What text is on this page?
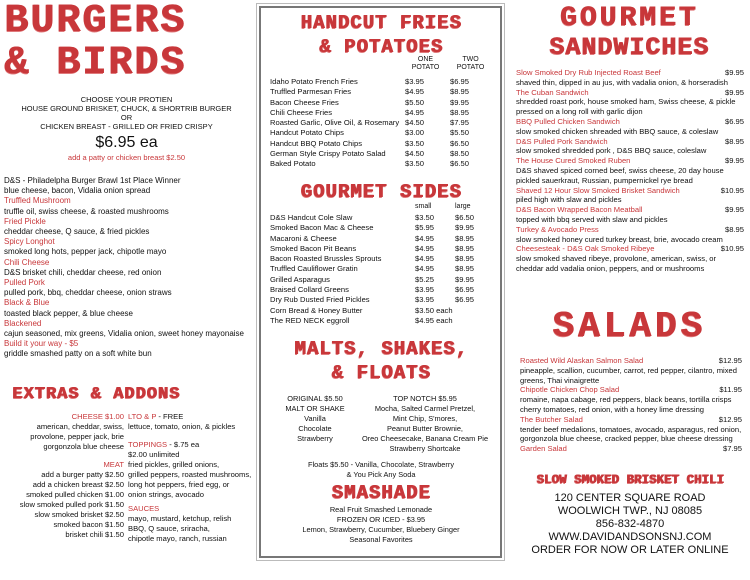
BURGERS
& BIRDS
CHOOSE YOUR PROTIEN
HOUSE GROUND BRISKET, CHUCK, & SHORTRIB BURGER
OR
CHICKEN BREAST - GRILLED OR FRIED CRISPY
$6.95 ea
add a patty or chicken breast $2.50
D&S - Philadelpha Burger Brawl 1st Place Winner
blue cheese, bacon, Vidalia onion spread
Truffled Mushroom
truffle oil, swiss cheese, & roasted mushrooms
Fried Pickle
cheddar cheese, Q sauce, & fried pickles
Spicy Longhot
smoked long hots, pepper jack, chipotle mayo
Chili Cheese
D&S brisket chili, cheddar cheese, red onion
Pulled Pork
pulled pork, bbq, cheddar cheese, onion straws
Black & Blue
toasted black pepper, & blue cheese
Blackened
cajun seasoned, mix greens, Vidalia onion, sweet honey mayonaise
Build it your way - $5
griddle smashed patty on a soft white bun
EXTRAS & ADDONS
CHEESE $1.00
american, cheddar, swiss,
provolone, pepper jack, brie
gorgonzola blue cheese
MEAT
add a burger patty $2.50
add a chicken breast $2.50
smoked pulled chicken $1.00
slow smoked pulled pork $1.50
slow smoked brisket $2.50
smoked bacon $1.50
brisket chili $1.50
LTO & P - FREE
lettuce, tomato, onion, & pickles
TOPPINGS - $.75 ea
$2.00 unlimited
fried pickles, grilled onions,
grilled peppers, roasted mushrooms,
long hot peppers, fried egg, or
onion strings, avocado
SAUCES
mayo, mustard, ketchup, relish
BBQ, Q sauce, sriracha,
chipotle mayo, ranch, russian
HANDCUT FRIES
& POTATOES
ONE	TWO
POTATO	POTATO
Idaho Potato French Fries	$3.95	$6.95
Truffled Parmesan Fries	$4.95	$8.95
Bacon Cheese Fries	$5.50	$9.95
Chili Cheese Fries	$4.95	$8.95
Roasted Garlic, Olive Oil, & Rosemary $4.50	$7.95
Handcut Potato Chips	$3.00	$5.50
Handcut BBQ Potato Chips	$3.50	$6.50
German Style Crispy Potato Salad	$4.50	$8.50
Baked Potato	$3.50	$6.50
GOURMET SIDES
small	large
D&S Handcut Cole Slaw	$3.50	$6.50
Smoked Bacon Mac & Cheese	$5.95	$9.95
Macaroni & Cheese	$4.95	$8.95
Smoked Bacon Pit Beans	$4.95	$8.95
Bacon Roasted Brussles Sprouts	$4.95	$8.95
Truffled Cauliflower Gratin	$4.95	$8.95
Grilled Asparagus	$5.25	$9.95
Braised Collard Greens	$3.95	$6.95
Dry Rub Dusted Fried Pickles	$3.95	$6.95
Corn Bread & Honey Butter	$3.50 each
The RED NECK eggroll	$4.95 each
MALTS, SHAKES,
& FLOATS
ORIGINAL $5.50
MALT OR SHAKE
Vanilla
Chocolate
Strawberry
TOP NOTCH $5.95
Mocha, Salted Carmel Pretzel,
Mint Chip, S'mores,
Peanut Butter Brownie,
Oreo Cheesecake, Banana Cream Pie
Strawberry Shortcake
Floats $5.50 - Vanilla, Chocolate, Strawberry
& You Pick Any Soda
SMASHADE
Real Fruit Smashed Lemonade
FROZEN OR ICED - $3.95
Lemon, Strawberry, Cucumber, Bluebery Ginger
Seasonal Favorites
GOURMET
SANDWICHES
Slow Smoked Dry Rub Injected Roast Beef	$9.95
shaved thin, dipped in au jus, with vadalia onion, & horseradish
The Cuban Sandwich	$9.95
shredded roast pork, house smoked ham, Swiss cheese, & pickle pressed on a long roll with garlic dijon
BBQ Pulled Chicken Sandwich	$6.95
slow smoked chicken shreaded with BBQ sauce, & coleslaw
D&S Pulled Pork Sandwich	$8.95
slow smoked shredded pork , D&S BBQ sauce, coleslaw
The House Cured Smoked Ruben	$9.95
D&S shaved spiced corned beef, swiss cheese, 20 day house pickled sauerkraut, Russian, pumpernickel rye bread
Shaved 12 Hour Slow Smoked Brisket Sandwich	$10.95
piled high with slaw and pickles
D&S Bacon Wrapped Bacon Meatball	$9.95
topped with bbq served with slaw and pickles
Turkey & Avocado Press	$8.95
slow smoked honey cured turkey breast, brie, avocado cream
Cheesesteak - D&S Oak Smoked Ribeye	$10.95
slow smoked shaved ribeye, provolone, american, swiss, or cheddar add vadalia onion, peppers, and or mushrooms
SALADS
Roasted Wild Alaskan Salmon Salad	$12.95
pineapple, scallion, cucumber, carrot, red pepper, cilantro, mixed greens, Thai vinaigrette
Chipotle Chicken Chop Salad	$11.95
romaine, napa cabage, red peppers, black beans, tortilla crisps cherry tomatoes, red onion, with a honey lime dressing
The Butcher Salad	$12.95
tender beef medalions, tomatoes, avocado, asparagus, red onion, gorgonzola blue cheese, cracked pepper, blue cheese dressing
Garden Salad	$7.95
SLOW SMOKED BRISKET CHILI
120 CENTER SQUARE ROAD
WOOLWICH TWP., NJ 08085
856-832-4870
WWW.DAVIDANDSONSNJ.COM
ORDER FOR NOW OR LATER ONLINE
